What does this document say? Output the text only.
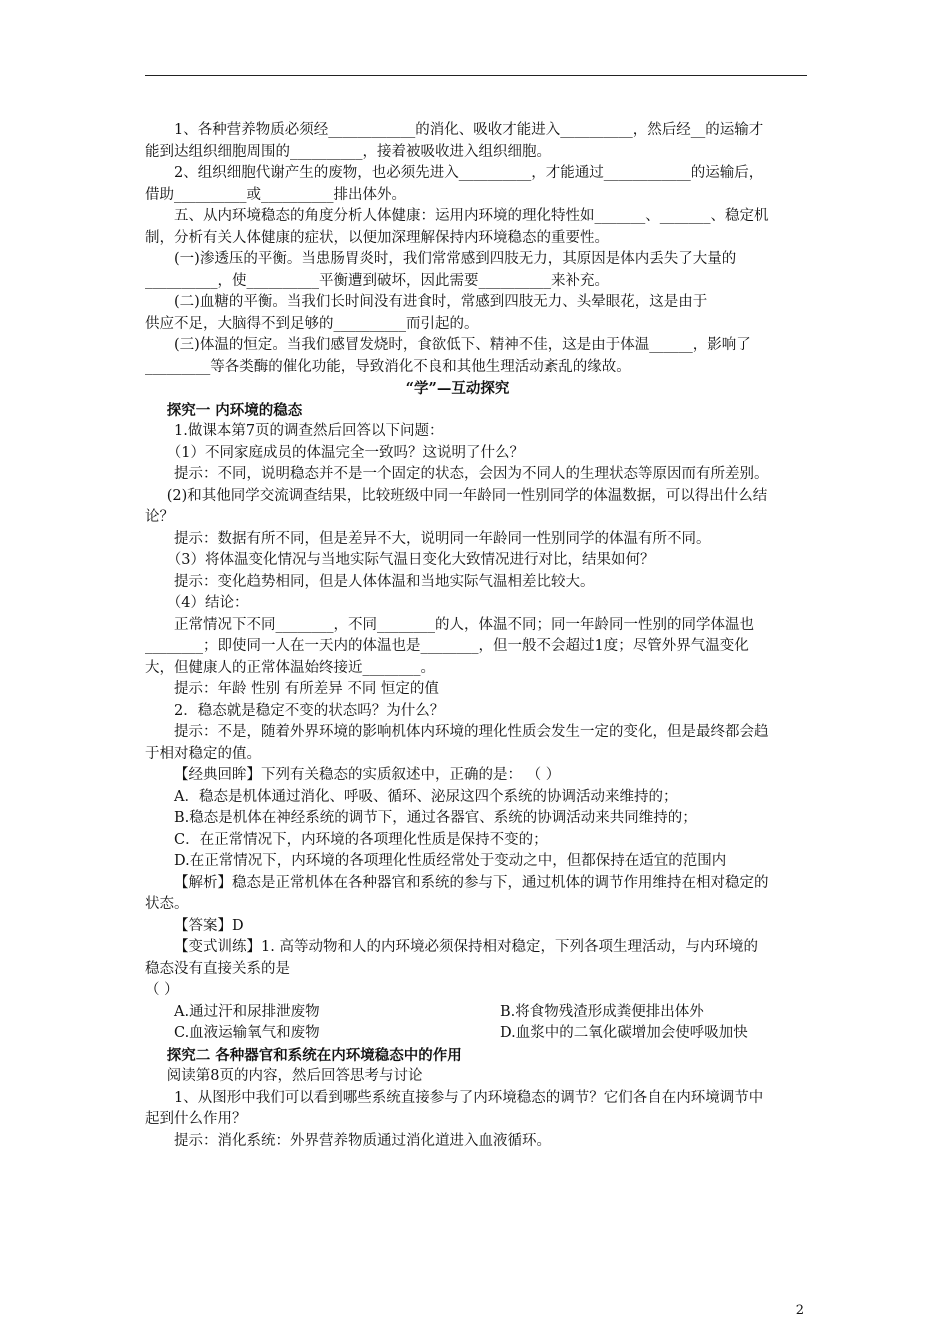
1、各种营养物质必须经____________的消化、吸收才能进入__________，然后经__的运输才能到达组织细胞周围的__________，接着被吸收进入组织细胞。

2、组织细胞代谢产生的废物，也必须先进入__________，才能通过____________的运输后，借助__________或__________排出体外。

五、从内环境稳态的角度分析人体健康：运用内环境的理化特性如_______、_______、稳定机制，分析有关人体健康的症状，以便加深理解保持内环境稳态的重要性。

(一)渗透压的平衡。当患肠胃炎时，我们常常感到四肢无力，其原因是体内丢失了大量的__________，使__________平衡遭到破坏，因此需要__________来补充。

(二)血糖的平衡。当我们长时间没有进食时，常感到四肢无力、头晕眼花，这是由于

供应不足，大脑得不到足够的__________而引起的。

(三)体温的恒定。当我们感冒发烧时，食欲低下、精神不佳，这是由于体温______，影响了_________等各类酶的催化功能，导致消化不良和其他生理活动紊乱的缘故。

“学”—互动探究

探究一 内环境的稳态

1.做课本第7页的调查然后回答以下问题：

（1）不同家庭成员的体温完全一致吗？这说明了什么？

提示：不同，说明稳态并不是一个固定的状态，会因为不同人的生理状态等原因而有所差别。

(2)和其他同学交流调查结果，比较班级中同一年龄同一性别同学的体温数据，可以得出什么结论？

提示：数据有所不同，但是差异不大，说明同一年龄同一性别同学的体温有所不同。

（3）将体温变化情况与当地实际气温日变化大致情况进行对比，结果如何？

提示：变化趋势相同，但是人体体温和当地实际气温相差比较大。

（4）结论：

正常情况下不同________，不同________的人，体温不同；同一年龄同一性别的同学体温也________；即使同一人在一天内的体温也是________，但一般不会超过1度；尽管外界气温变化大，但健康人的正常体温始终接近________。

提示：年龄 性别 有所差异 不同 恒定的值

2．稳态就是稳定不变的状态吗？为什么？

提示：不是，随着外界环境的影响机体内环境的理化性质会发生一定的变化，但是最终都会趋于相对稳定的值。

【经典回眸】下列有关稳态的实质叙述中，正确的是： （ ）

A．稳态是机体通过消化、呼吸、循环、泌尿这四个系统的协调活动来维持的；

B.稳态是机体在神经系统的调节下，通过各器官、系统的协调活动来共同维持的；

C．在正常情况下，内环境的各项理化性质是保持不变的；

D.在正常情况下，内环境的各项理化性质经常处于变动之中，但都保持在适宜的范围内

【解析】稳态是正常机体在各种器官和系统的参与下，通过机体的调节作用维持在相对稳定的状态。

【答案】D

【变式训练】1. 高等动物和人的内环境必须保持相对稳定，下列各项生理活动，与内环境的稳态没有直接关系的是

（ ）

A.通过汗和尿排泄废物	B.将食物残渣形成粪便排出体外
C.血液运输氧气和废物	D.血浆中的二氧化碳增加会使呼吸加快

探究二 各种器官和系统在内环境稳态中的作用

阅读第8页的内容，然后回答思考与讨论

1、从图形中我们可以看到哪些系统直接参与了内环境稳态的调节？它们各自在内环境调节中起到什么作用？

提示：消化系统：外界营养物质通过消化道进入血液循环。

2
